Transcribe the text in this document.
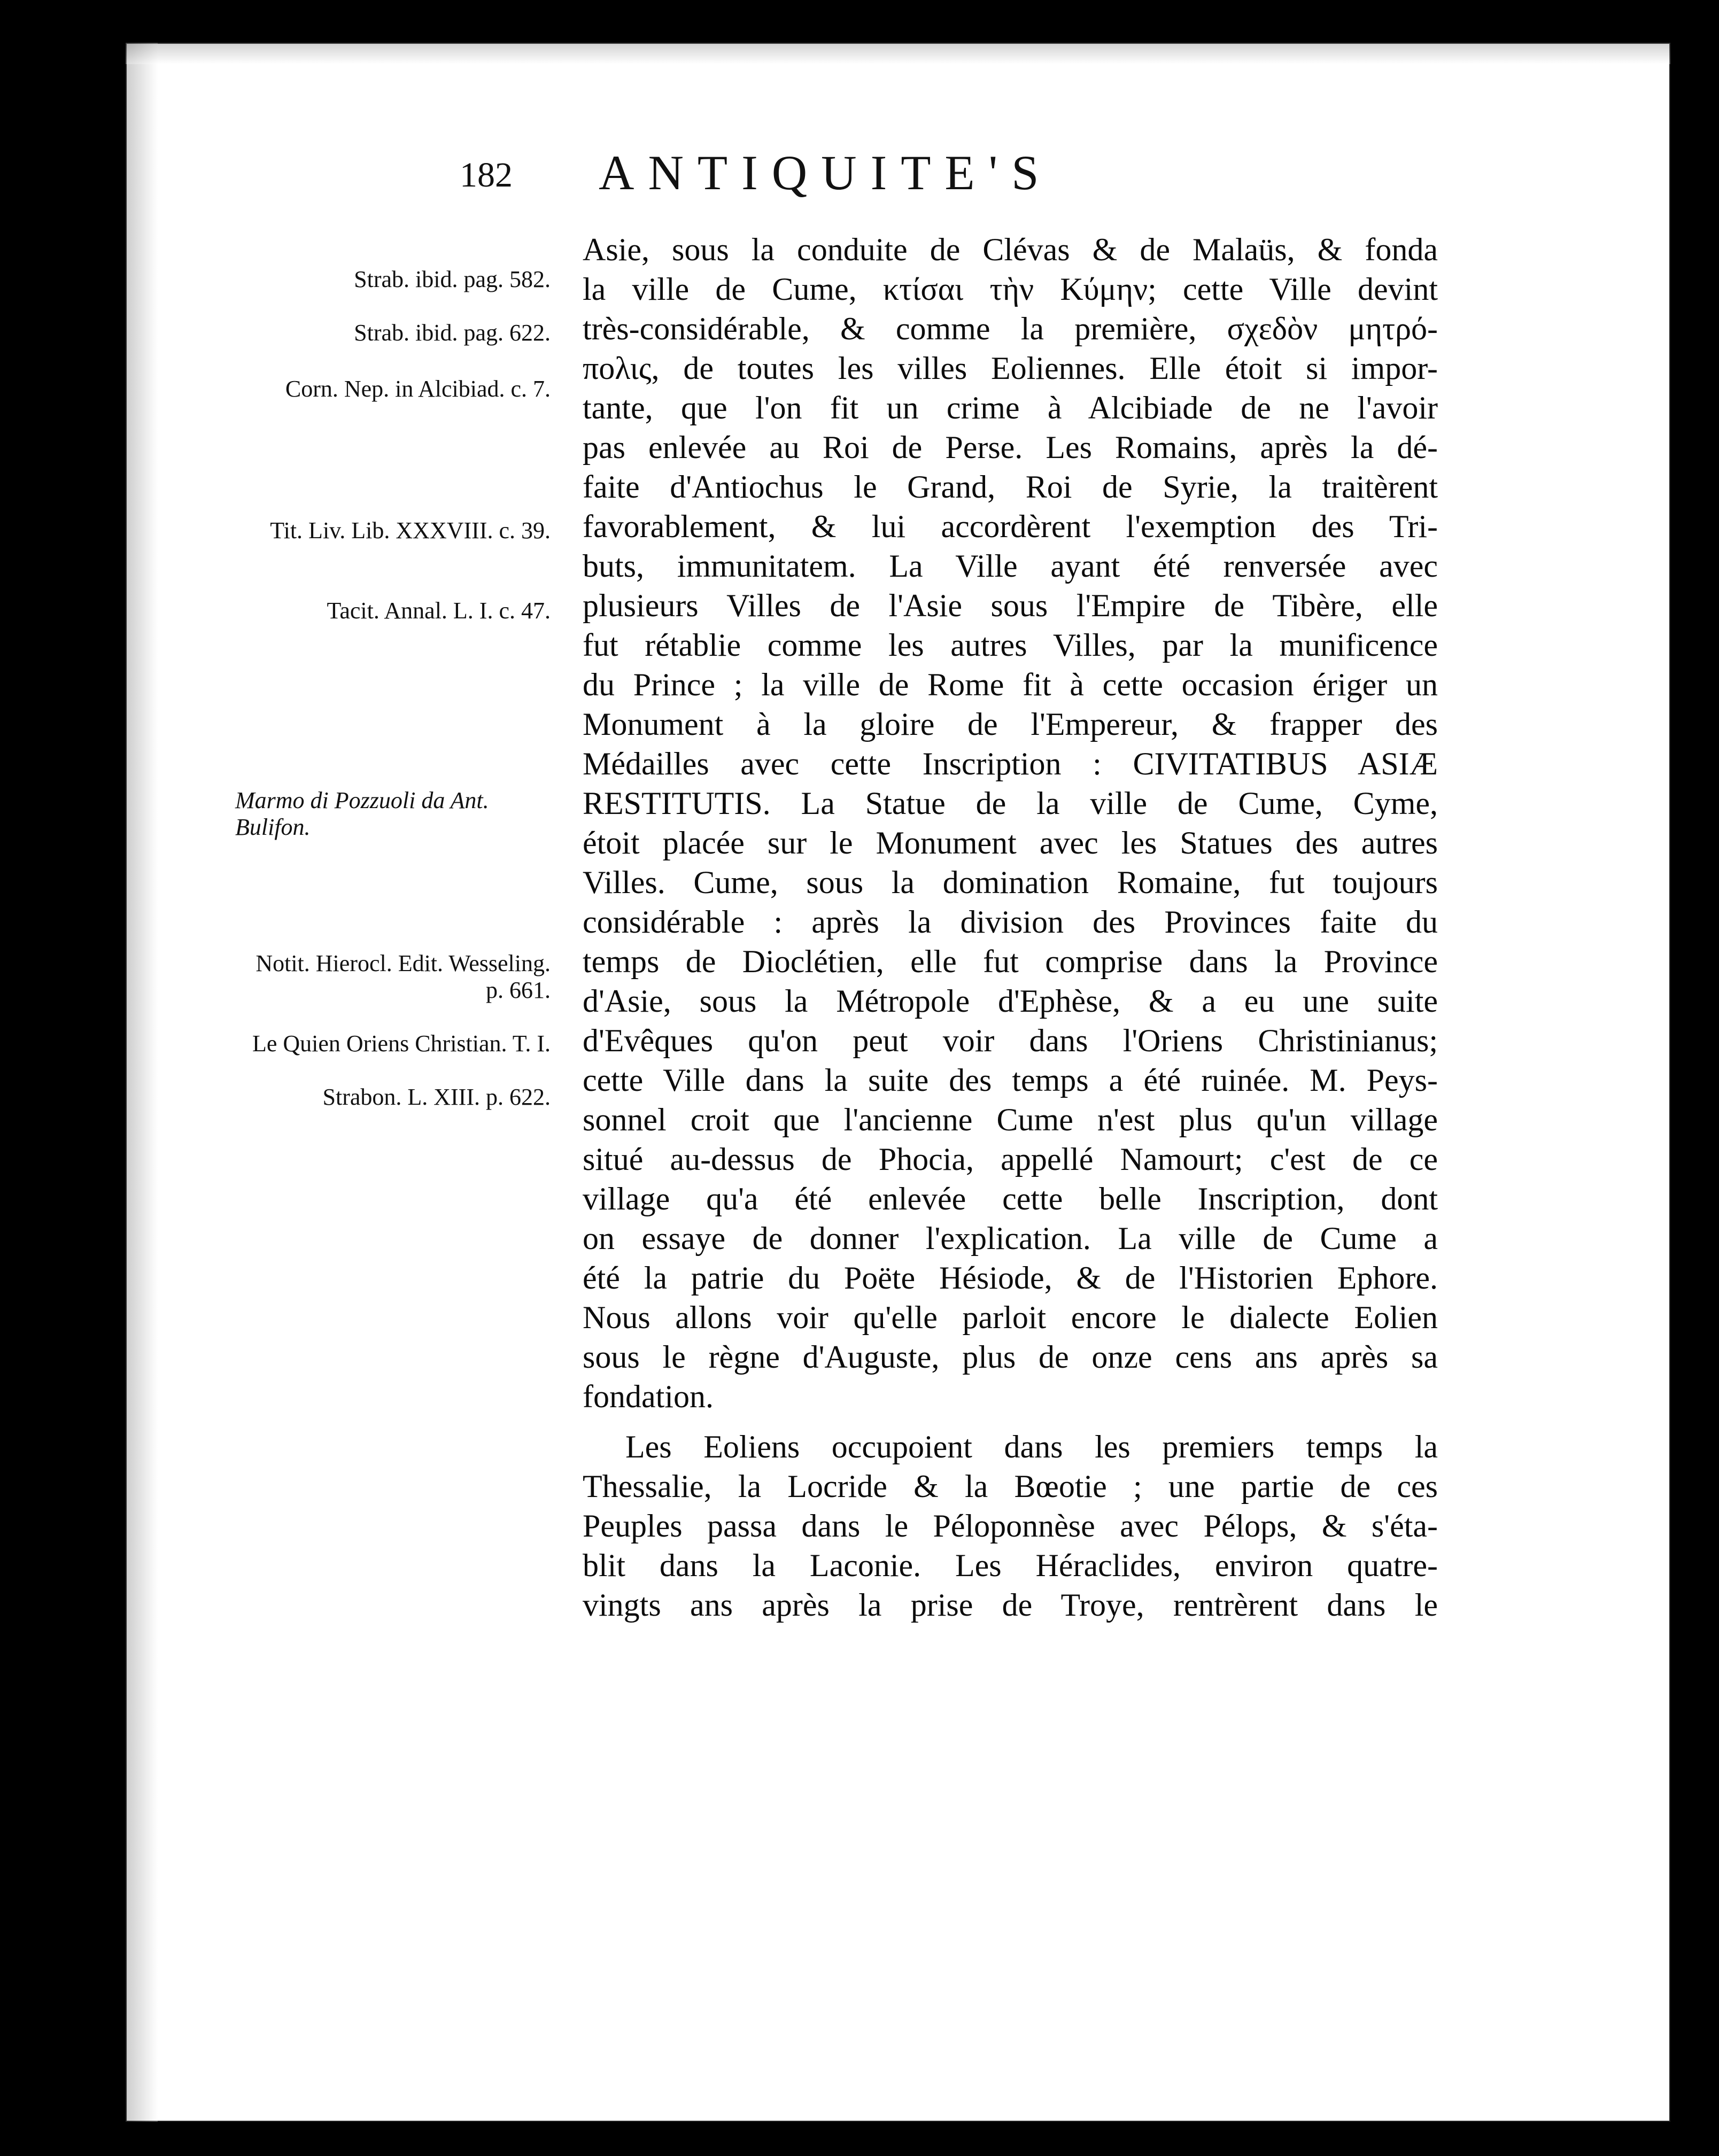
182 ANTIQUITE'S
Strab. ibid. pag. 582.
Strab. ibid. pag. 622.
Corn. Nep. in Alcibiad. c. 7.
Tit. Liv. Lib. XXXVIII. c. 39.
Tacit. Annal. L. I. c. 47.
Marmo di Pozzuoli da Ant. Bulifon.
Notit. Hierocl. Edit. Wesseling. p. 661.
Le Quien Oriens Christian. T. I.
Strabon. L. XIII. p. 622.
Asie, sous la conduite de Clévas & de Malaüs, & fonda
la ville de Cume, κτίσαι τὴν Κύμην; cette Ville devint
très-considérable, & comme la première, σχεδὸν μητρό-
πολις, de toutes les villes Eoliennes. Elle étoit si impor-
tante, que l'on fit un crime à Alcibiade de ne l'avoir
pas enlevée au Roi de Perse. Les Romains, après la dé-
faite d'Antiochus le Grand, Roi de Syrie, la traitèrent
favorablement, & lui accordèrent l'exemption des Tri-
buts, immunitatem. La Ville ayant été renversée avec
plusieurs Villes de l'Asie sous l'Empire de Tibère, elle
fut rétablie comme les autres Villes, par la munificence
du Prince ; la ville de Rome fit à cette occasion ériger un
Monument à la gloire de l'Empereur, & frapper des
Médailles avec cette Inscription : CIVITATIBUS ASIÆ
RESTITUTIS. La Statue de la ville de Cume, Cyme,
étoit placée sur le Monument avec les Statues des autres
Villes. Cume, sous la domination Romaine, fut toujours
considérable : après la division des Provinces faite du
temps de Dioclétien, elle fut comprise dans la Province
d'Asie, sous la Métropole d'Ephèse, & a eu une suite
d'Evêques qu'on peut voir dans l'Oriens Christinianus;
cette Ville dans la suite des temps a été ruinée. M. Peys-
sonnel croit que l'ancienne Cume n'est plus qu'un village
situé au-dessus de Phocia, appellé Namourt; c'est de ce
village qu'a été enlevée cette belle Inscription, dont
on essaye de donner l'explication. La ville de Cume a
été la patrie du Poëte Hésiode, & de l'Historien Ephore.
Nous allons voir qu'elle parloit encore le dialecte Eolien
sous le règne d'Auguste, plus de onze cens ans après sa
fondation.
Les Eoliens occupoient dans les premiers temps la
Thessalie, la Locride & la Bœotie ; une partie de ces
Peuples passa dans le Péloponnèse avec Pélops, & s'éta-
blit dans la Laconie. Les Héraclides, environ quatre-
vingts ans après la prise de Troye, rentrèrent dans le
